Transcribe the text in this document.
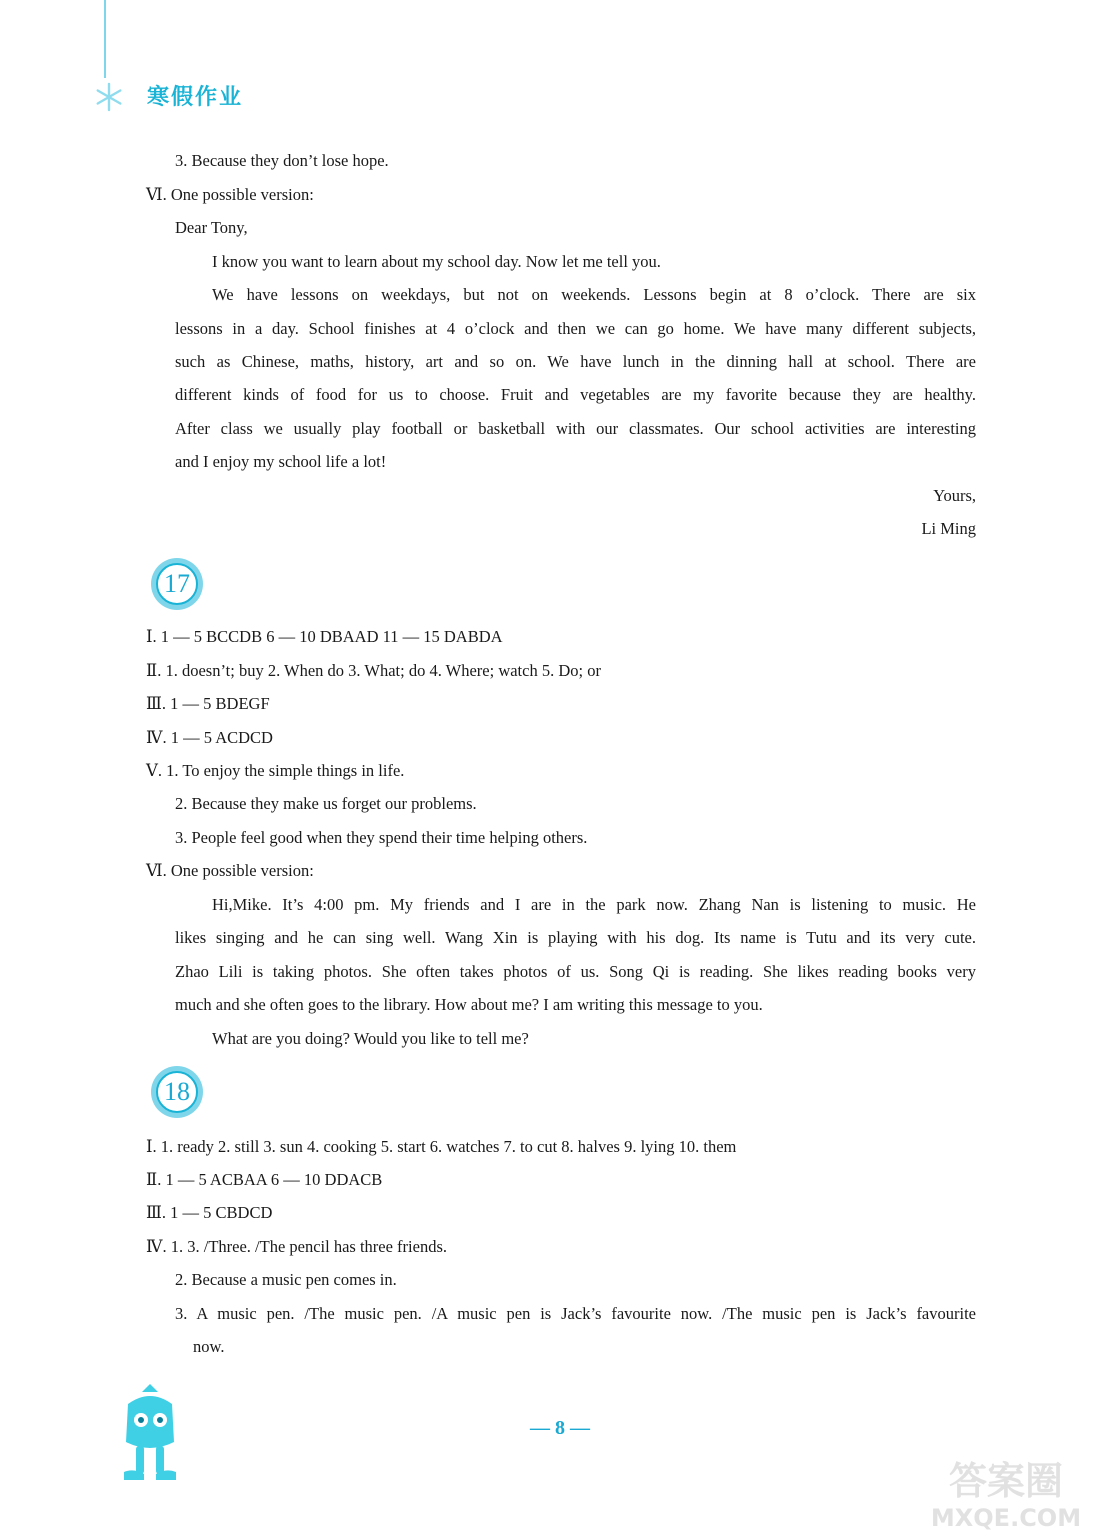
寒假作业
3. Because they don’t lose hope.
Ⅵ. One possible version:
Dear Tony,
I know you want to learn about my school day. Now let me tell you.
We have lessons on weekdays, but not on weekends. Lessons begin at 8 o’clock. There are six
lessons in a day. School finishes at 4 o’clock and then we can go home. We have many different subjects,
such as Chinese, maths, history, art and so on. We have lunch in the dinning hall at school. There are
different kinds of food for us to choose. Fruit and vegetables are my favorite because they are healthy.
After class we usually play football or basketball with our classmates. Our school activities are interesting
and I enjoy my school life a lot!
Yours,
Li Ming
17
Ⅰ. 1 — 5 BCCDB 6 — 10 DBAAD 11 — 15 DABDA
Ⅱ. 1. doesn’t; buy 2. When do 3. What; do 4. Where; watch 5. Do; or
Ⅲ. 1 — 5 BDEGF
Ⅳ. 1 — 5 ACDCD
Ⅴ. 1. To enjoy the simple things in life.
2. Because they make us forget our problems.
3. People feel good when they spend their time helping others.
Ⅵ. One possible version:
Hi,Mike. It’s 4:00 pm. My friends and I are in the park now. Zhang Nan is listening to music. He
likes singing and he can sing well. Wang Xin is playing with his dog. Its name is Tutu and its very cute.
Zhao Lili is taking photos. She often takes photos of us. Song Qi is reading. She likes reading books very
much and she often goes to the library. How about me? I am writing this message to you.
What are you doing? Would you like to tell me?
18
Ⅰ. 1. ready 2. still 3. sun 4. cooking 5. start 6. watches 7. to cut 8. halves 9. lying 10. them
Ⅱ. 1 — 5 ACBAA 6 — 10 DDACB
Ⅲ. 1 — 5 CBDCD
Ⅳ. 1. 3. /Three. /The pencil has three friends.
2. Because a music pen comes in.
3. A music pen. /The music pen. /A music pen is Jack’s favourite now. /The music pen is Jack’s favourite
now.
— 8 —
答案圈
MXQE.COM
